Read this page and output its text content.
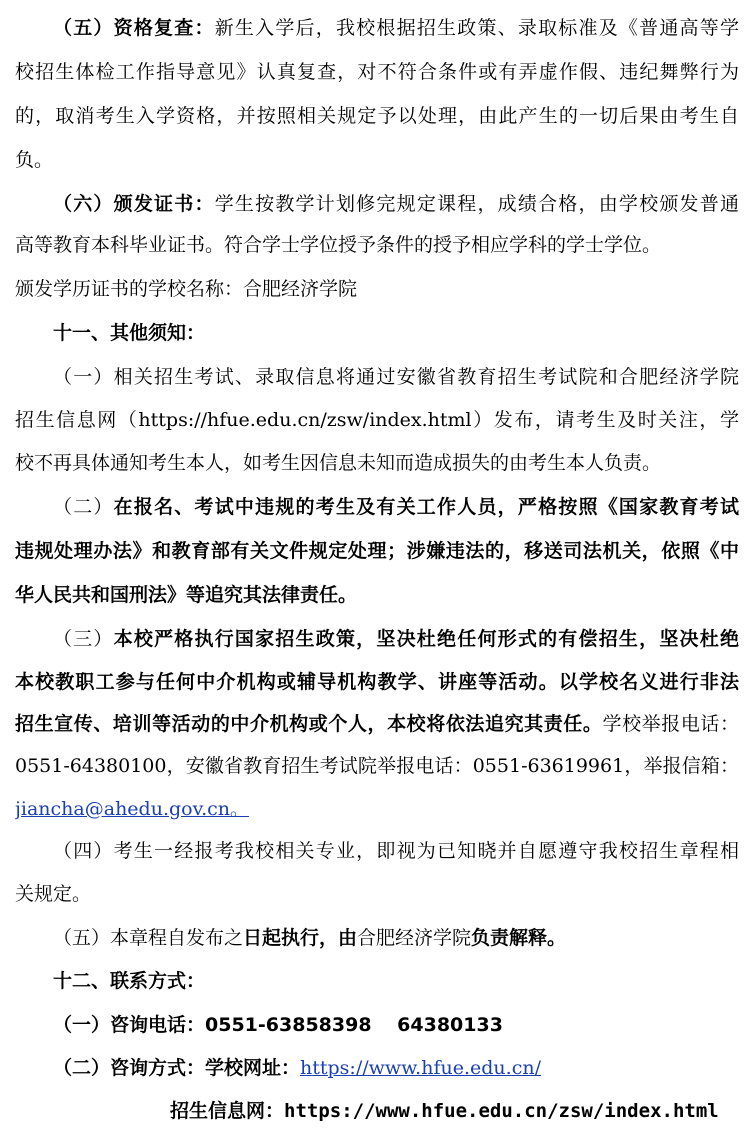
（五）资格复查：新生入学后，我校根据招生政策、录取标准及《普通高等学
校招生体检工作指导意见》认真复查，对不符合条件或有弄虚作假、违纪舞弊行为
的，取消考生入学资格，并按照相关规定予以处理，由此产生的一切后果由考生自
负。
（六）颁发证书：学生按教学计划修完规定课程，成绩合格，由学校颁发普通
高等教育本科毕业证书。符合学士学位授予条件的授予相应学科的学士学位。
颁发学历证书的学校名称：合肥经济学院
十一、其他须知：
（一）相关招生考试、录取信息将通过安徽省教育招生考试院和合肥经济学院
招生信息网（https://hfue.edu.cn/zsw/index.html）发布，请考生及时关注，学
校不再具体通知考生本人，如考生因信息未知而造成损失的由考生本人负责。
（二）在报名、考试中违规的考生及有关工作人员，严格按照《国家教育考试
违规处理办法》和教育部有关文件规定处理；涉嫌违法的，移送司法机关，依照《中
华人民共和国刑法》等追究其法律责任。
（三）本校严格执行国家招生政策，坚决杜绝任何形式的有偿招生，坚决杜绝
本校教职工参与任何中介机构或辅导机构教学、讲座等活动。以学校名义进行非法
招生宣传、培训等活动的中介机构或个人，本校将依法追究其责任。学校举报电话：
0551-64380100，安徽省教育招生考试院举报电话：0551-63619961，举报信箱：
jiancha@ahedu.gov.cn。
（四）考生一经报考我校相关专业，即视为已知晓并自愿遵守我校招生章程相
关规定。
（五）本章程自发布之日起执行，由合肥经济学院负责解释。
十二、联系方式：
（一）咨询电话：0551-63858398　 64380133
（二）咨询方式：学校网址：https://www.hfue.edu.cn/
招生信息网：https://www.hfue.edu.cn/zsw/index.html
